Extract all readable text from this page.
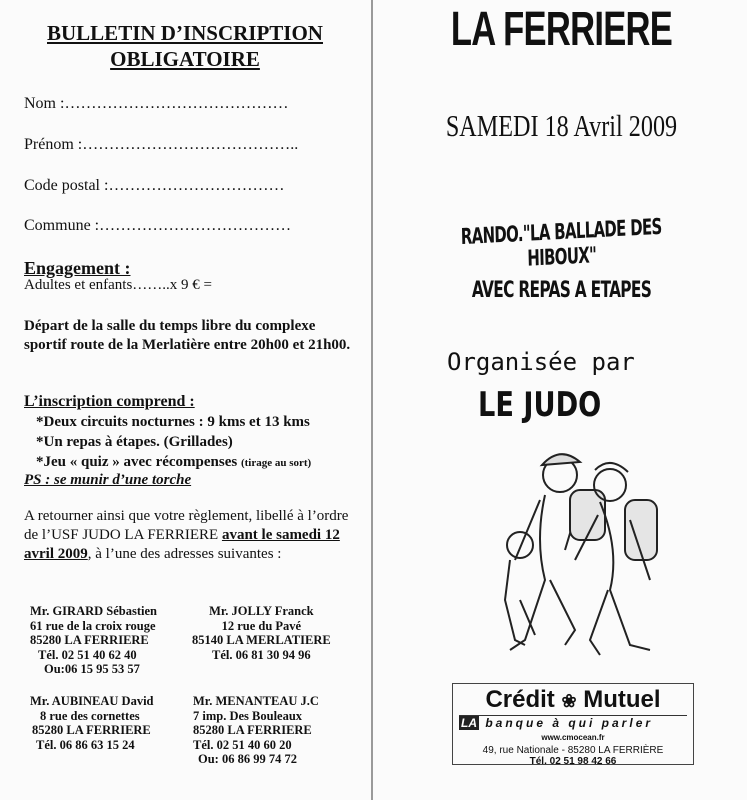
BULLETIN D’INSCRIPTION
OBLIGATOIRE
Nom :……………………………………
Prénom :…………………………………..
Code postal :……………………………
Commune :………………………………
Engagement :
Adultes et enfants……..x 9 € =
Départ de la salle du temps libre du complexe sportif route de la Merlatière entre 20h00 et 21h00.
L’inscription comprend :
*Deux circuits nocturnes : 9 kms et 13 kms
*Un repas à étapes. (Grillades)
*Jeu « quiz » avec récompenses (tirage au sort)
PS : se munir d’une torche
A retourner ainsi que votre règlement, libellé à l’ordre de l’USF JUDO LA FERRIERE avant le samedi 12 avril 2009, à l’une des adresses suivantes :
Mr. GIRARD Sébastien
61 rue de la croix rouge
85280 LA FERRIERE
Tél. 02 51 40 62 40
Ou:06 15 95 53 57
Mr. JOLLY Franck
12 rue du Pavé
85140 LA MERLATIERE
Tél. 06 81 30 94 96
Mr. AUBINEAU David
8 rue des cornettes
85280 LA FERRIERE
Tél. 06 86 63 15 24
Mr. MENANTEAU J.C
7 imp. Des Bouleaux
85280 LA FERRIERE
Tél. 02 51 40 60 20
Ou: 06 86 99 74 72
LA FERRIERE
SAMEDI 18 Avril 2009
RANDO."LA BALLADE DES HIBOUX"
AVEC REPAS A ETAPES
Organisée par
LE JUDO
Crédit ❀ Mutuel
LA banque à qui parler
www.cmocean.fr
49, rue Nationale - 85280 LA FERRIÈRE
Tél. 02 51 98 42 66
